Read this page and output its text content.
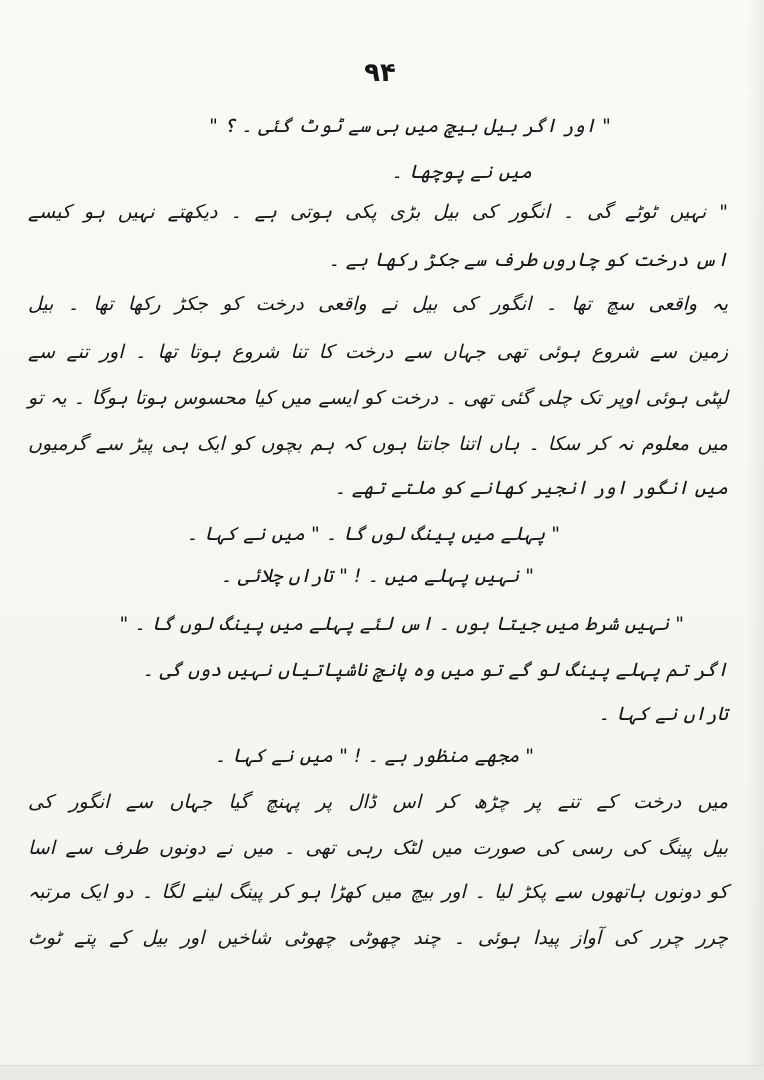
۹۴
" اور اگر بیل بیچ میں ہی سے ٹوٹ گئی ۔ ؟ "
میں نے پوچھا ۔
" نہیں ٹوٹے گی ۔ انگور کی بیل بڑی پکی ہوتی ہے ۔ دیکھتے نہیں ہو کیسے
اس درخت کو چاروں طرف سے جکڑ رکھا ہے ۔
یہ واقعی سچ تھا ۔ انگور کی بیل نے واقعی درخت کو جکڑ رکھا تھا ۔ بیل
زمین سے شروع ہوئی تھی جہاں سے درخت کا تنا شروع ہوتا تھا ۔ اور تنے سے
لپٹی ہوئی اوپر تک چلی گئی تھی ۔ درخت کو ایسے میں کیا محسوس ہوتا ہوگا ۔ یہ تو
میں معلوم نہ کر سکا ۔ ہاں اتنا جانتا ہوں کہ ہم بچوں کو ایک ہی پیڑ سے گرمیوں
میں انگور اور انجیر کھانے کو ملتے تھے ۔
" پہلے میں پینگ لوں گا ۔ " میں نے کہا ۔
" نہیں پہلے میں ۔ ! " تاراں چلائی ۔
" نہیں شرط میں جیتا ہوں ۔ اس لئے پہلے میں پینگ لوں گا ۔ "
اگر تم پہلے پینگ لو گے تو میں وہ پانچ ناشپاتیاں نہیں دوں گی ۔
تاراں نے کہا ۔
" مجھے منظور ہے ۔ ! " میں نے کہا ۔
میں درخت کے تنے پر چڑھ کر اس ڈال پر پہنچ گیا جہاں سے انگور کی
بیل پینگ کی رسی کی صورت میں لٹک رہی تھی ۔ میں نے دونوں طرف سے اسا
کو دونوں ہاتھوں سے پکڑ لیا ۔ اور بیچ میں کھڑا ہو کر پینگ لینے لگا ۔ دو ایک مرتبہ
چرر چرر کی آواز پیدا ہوئی ۔ چند چھوٹی چھوٹی شاخیں اور بیل کے پتے ٹوٹ
